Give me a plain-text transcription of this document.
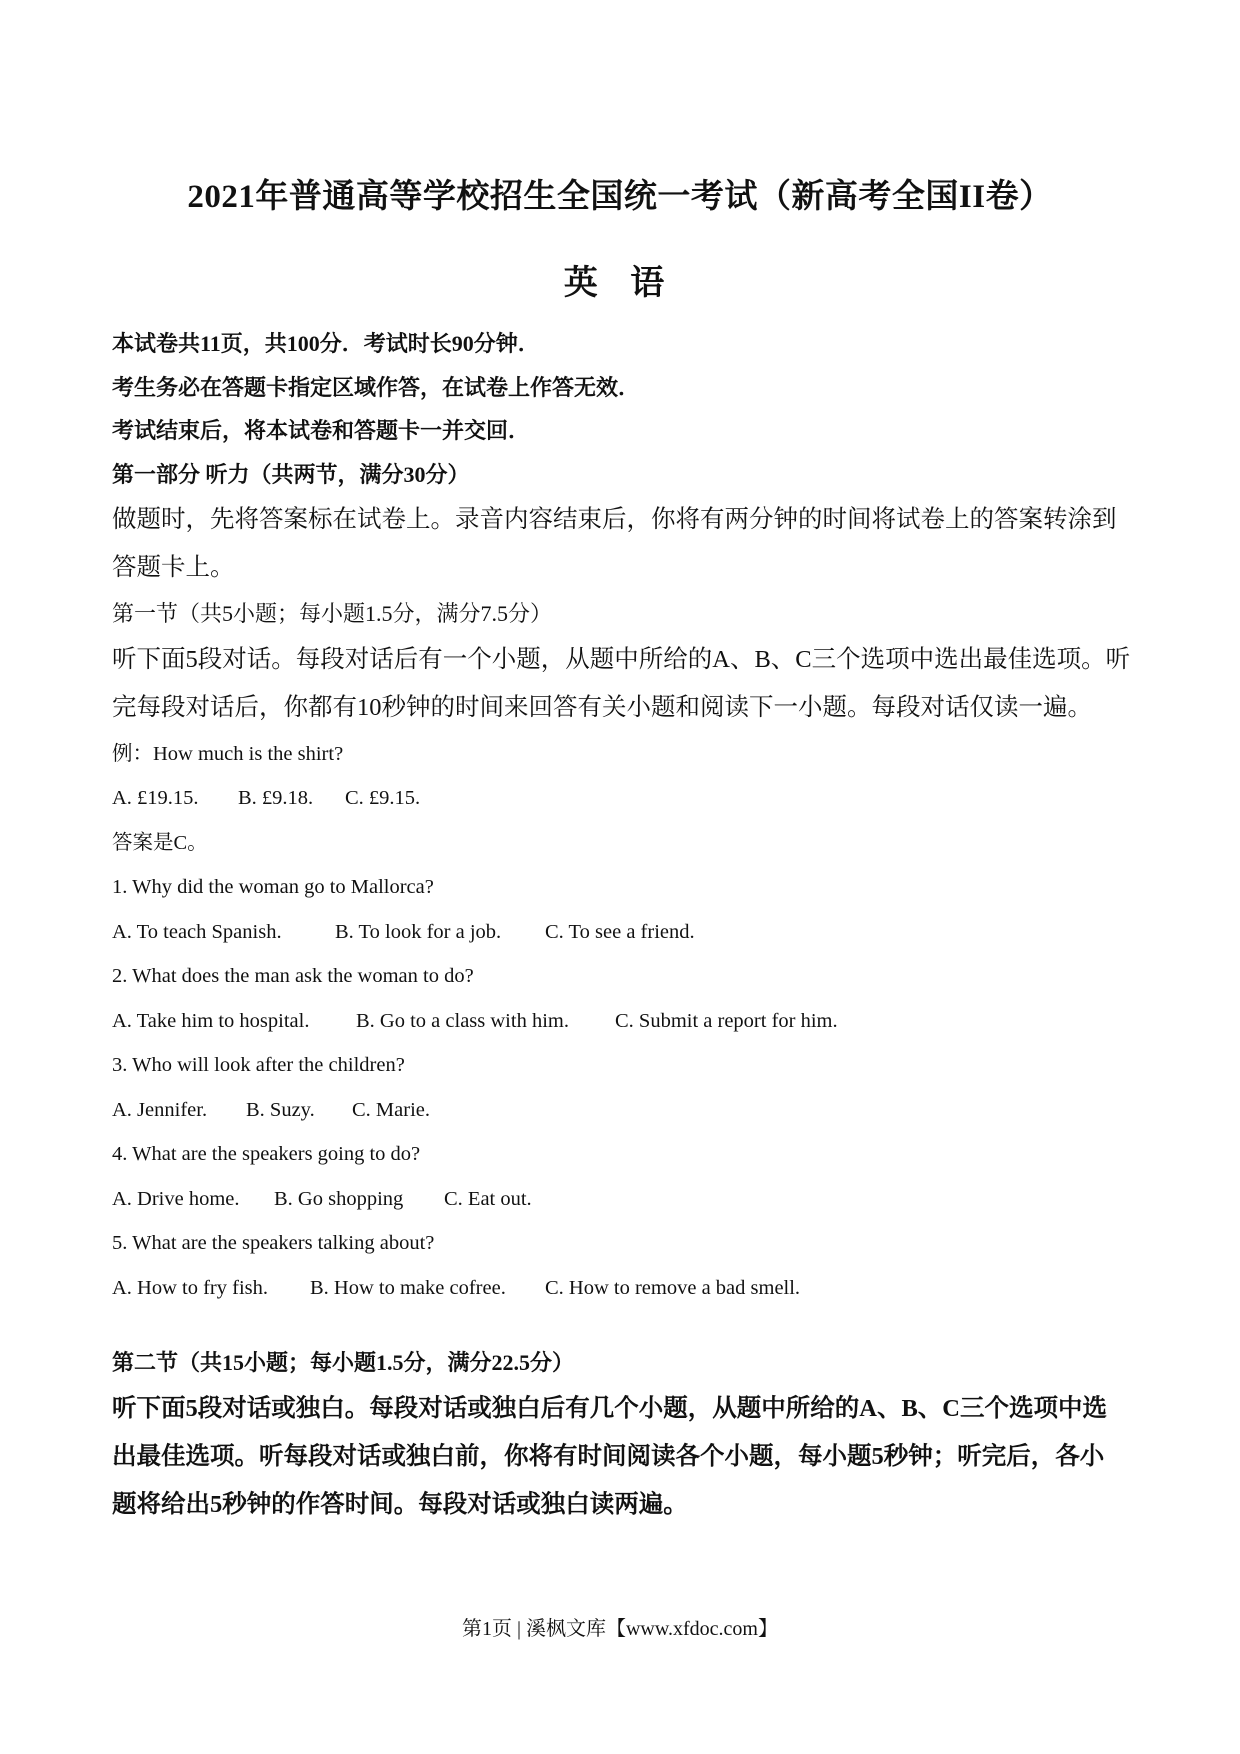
2021年普通高等学校招生全国统一考试（新高考全国II卷）
英 语

本试卷共11页，共100分．考试时长90分钟．

考生务必在答题卡指定区域作答，在试卷上作答无效．

考试结束后，将本试卷和答题卡一并交回．

第一部分 听力（共两节，满分30分）

做题时，先将答案标在试卷上。录音内容结束后，你将有两分钟的时间将试卷上的答案转涂到答题卡上。

第一节（共5小题；每小题1.5分，满分7.5分）

听下面5段对话。每段对话后有一个小题，从题中所给的A、B、C三个选项中选出最佳选项。听完每段对话后，你都有10秒钟的时间来回答有关小题和阅读下一小题。每段对话仅读一遍。

例：How much is the shirt?

A. £19.15. B. £9.18. C. £9.15.

答案是C。

1. Why did the woman go to Mallorca?

A. To teach Spanish.	B. To look for a job. C. To see a friend.

2. What does the man ask the woman to do?

A. Take him to hospital. B. Go to a class with him. C. Submit a report for him.

3. Who will look after the children?

A. Jennifer. B. Suzy. C. Marie.

4. What are the speakers going to do?

A. Drive home. B. Go shopping C. Eat out.

5. What are the speakers talking about?

A. How to fry fish. B. How to make cofree. C. How to remove a bad smell.

第二节（共15小题；每小题1.5分，满分22.5分）

听下面5段对话或独白。每段对话或独白后有几个小题，从题中所给的A、B、C三个选项中选出最佳选项。听每段对话或独白前，你将有时间阅读各个小题，每小题5秒钟；听完后，各小题将给出5秒钟的作答时间。每段对话或独白读两遍。

第1页 | 溪枫文库【www.xfdoc.com】
